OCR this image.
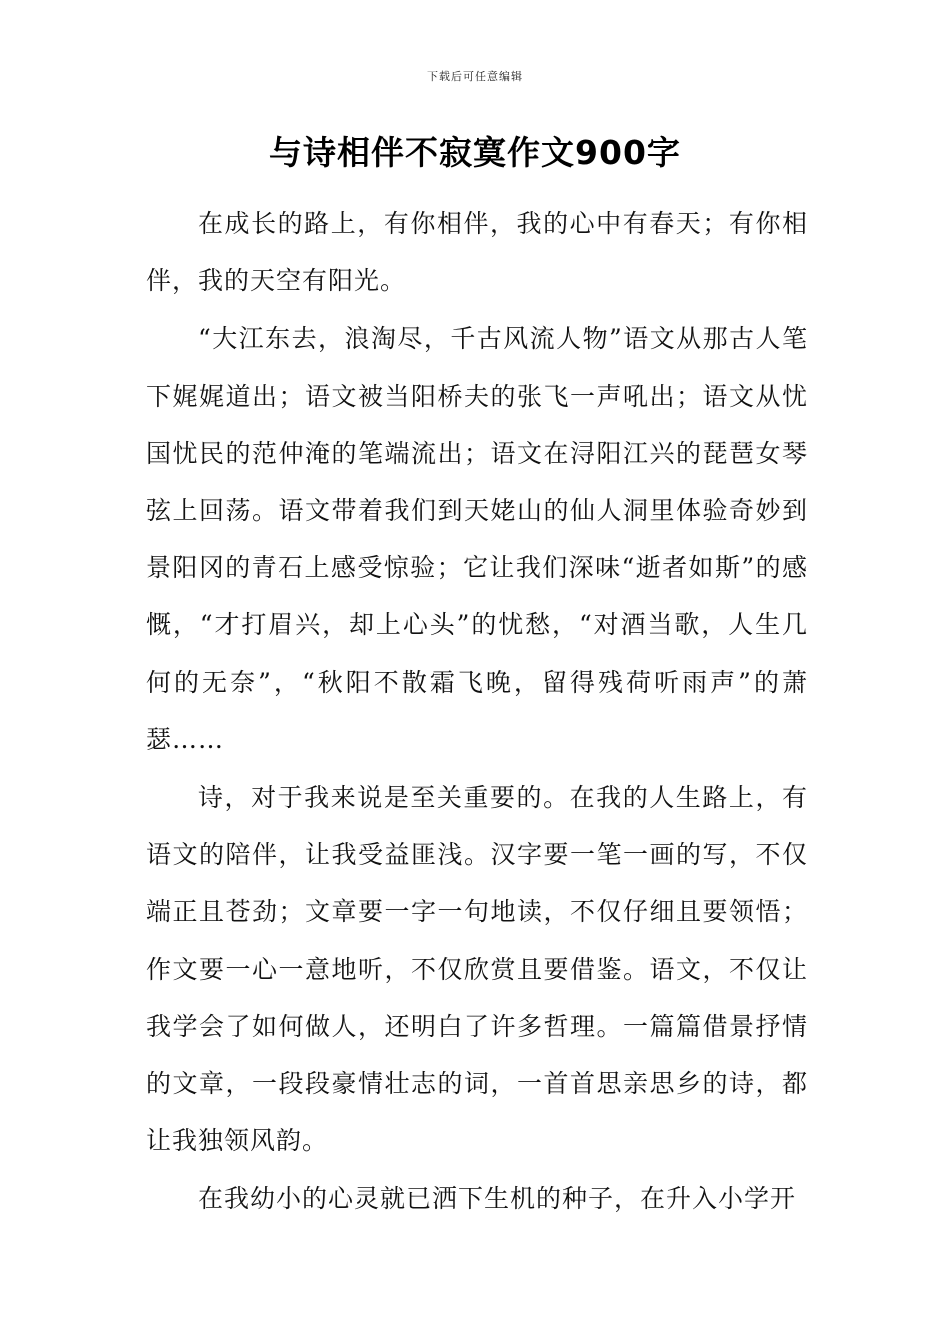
下载后可任意编辑
与诗相伴不寂寞作文900字

在成长的路上，有你相伴，我的心中有春天；有你相伴，我的天空有阳光。

“大江东去，浪淘尽，千古风流人物”语文从那古人笔下娓娓道出；语文被当阳桥夫的张飞一声吼出；语文从忧国忧民的范仲淹的笔端流出；语文在浔阳江兴的琵琶女琴弦上回荡。语文带着我们到天姥山的仙人洞里体验奇妙到景阳冈的青石上感受惊验；它让我们深味“逝者如斯”的感慨，“才打眉兴，却上心头”的忧愁，“对酒当歌，人生几何的无奈”，“秋阳不散霜飞晚，留得残荷听雨声”的萧瑟……

诗，对于我来说是至关重要的。在我的人生路上，有语文的陪伴，让我受益匪浅。汉字要一笔一画的写，不仅端正且苍劲；文章要一字一句地读，不仅仔细且要领悟；作文要一心一意地听，不仅欣赏且要借鉴。语文，不仅让我学会了如何做人，还明白了许多哲理。一篇篇借景抒情的文章，一段段豪情壮志的词，一首首思亲思乡的诗，都让我独领风韵。

在我幼小的心灵就已洒下生机的种子，在升入小学开
